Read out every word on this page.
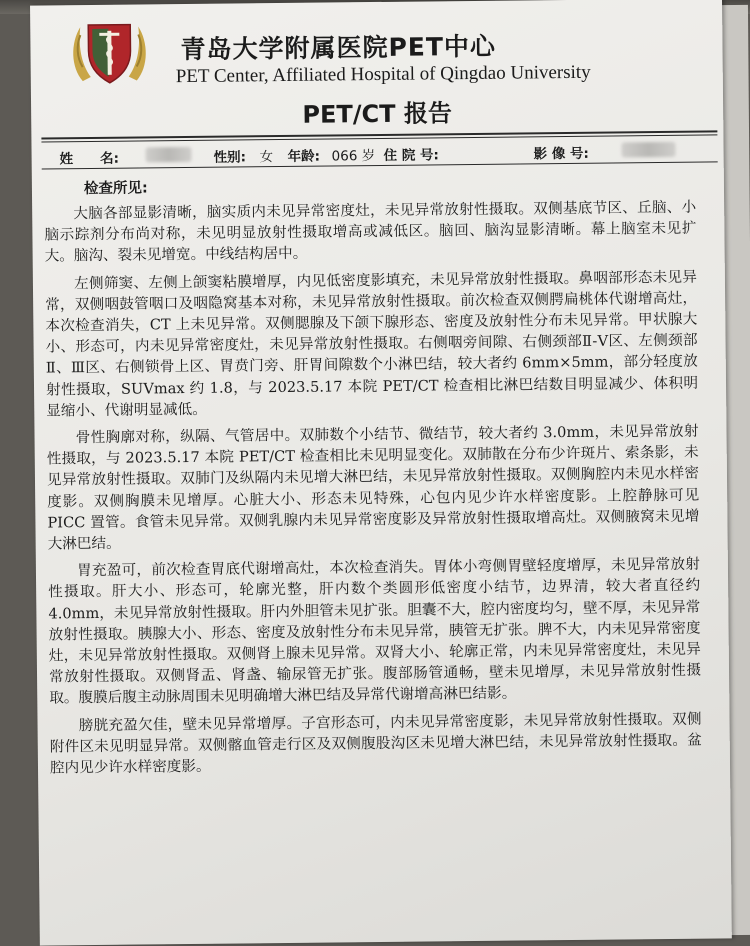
青岛大学附属医院PET中心
PET Center, Affiliated Hospital of Qingdao University
PET/CT 报告
姓　　名:	性别: 女 年龄: 066 岁 住 院 号:	影 像 号:
检查所见:

大脑各部显影清晰，脑实质内未见异常密度灶，未见异常放射性摄取。双侧基底节区、丘脑、小脑示踪剂分布尚对称，未见明显放射性摄取增高或减低区。脑回、脑沟显影清晰。幕上脑室未见扩大。脑沟、裂未见增宽。中线结构居中。

左侧筛窦、左侧上颌窦粘膜增厚，内见低密度影填充，未见异常放射性摄取。鼻咽部形态未见异常，双侧咽鼓管咽口及咽隐窝基本对称，未见异常放射性摄取。前次检查双侧腭扁桃体代谢增高灶，本次检查消失，CT 上未见异常。双侧腮腺及下颌下腺形态、密度及放射性分布未见异常。甲状腺大小、形态可，内未见异常密度灶，未见异常放射性摄取。右侧咽旁间隙、右侧颈部Ⅱ-Ⅴ区、左侧颈部Ⅱ、Ⅲ区、右侧锁骨上区、胃贲门旁、肝胃间隙数个小淋巴结，较大者约 6mm×5mm，部分轻度放射性摄取，SUVmax 约 1.8，与 2023.5.17 本院 PET/CT 检查相比淋巴结数目明显减少、体积明显缩小、代谢明显减低。

骨性胸廓对称，纵隔、气管居中。双肺数个小结节、微结节，较大者约 3.0mm，未见异常放射性摄取，与 2023.5.17 本院 PET/CT 检查相比未见明显变化。双肺散在分布少许斑片、索条影，未见异常放射性摄取。双肺门及纵隔内未见增大淋巴结，未见异常放射性摄取。双侧胸腔内未见水样密度影。双侧胸膜未见增厚。心脏大小、形态未见特殊，心包内见少许水样密度影。上腔静脉可见 PICC 置管。食管未见异常。双侧乳腺内未见异常密度影及异常放射性摄取增高灶。双侧腋窝未见增大淋巴结。

胃充盈可，前次检查胃底代谢增高灶，本次检查消失。胃体小弯侧胃壁轻度增厚，未见异常放射性摄取。肝大小、形态可，轮廓光整，肝内数个类圆形低密度小结节，边界清，较大者直径约 4.0mm，未见异常放射性摄取。肝内外胆管未见扩张。胆囊不大，腔内密度均匀，壁不厚，未见异常放射性摄取。胰腺大小、形态、密度及放射性分布未见异常，胰管无扩张。脾不大，内未见异常密度灶，未见异常放射性摄取。双侧肾上腺未见异常。双肾大小、轮廓正常，内未见异常密度灶，未见异常放射性摄取。双侧肾盂、肾盏、输尿管无扩张。腹部肠管通畅，壁未见增厚，未见异常放射性摄取。腹膜后腹主动脉周围未见明确增大淋巴结及异常代谢增高淋巴结影。

膀胱充盈欠佳，壁未见异常增厚。子宫形态可，内未见异常密度影，未见异常放射性摄取。双侧附件区未见明显异常。双侧髂血管走行区及双侧腹股沟区未见增大淋巴结，未见异常放射性摄取。盆腔内见少许水样密度影。
